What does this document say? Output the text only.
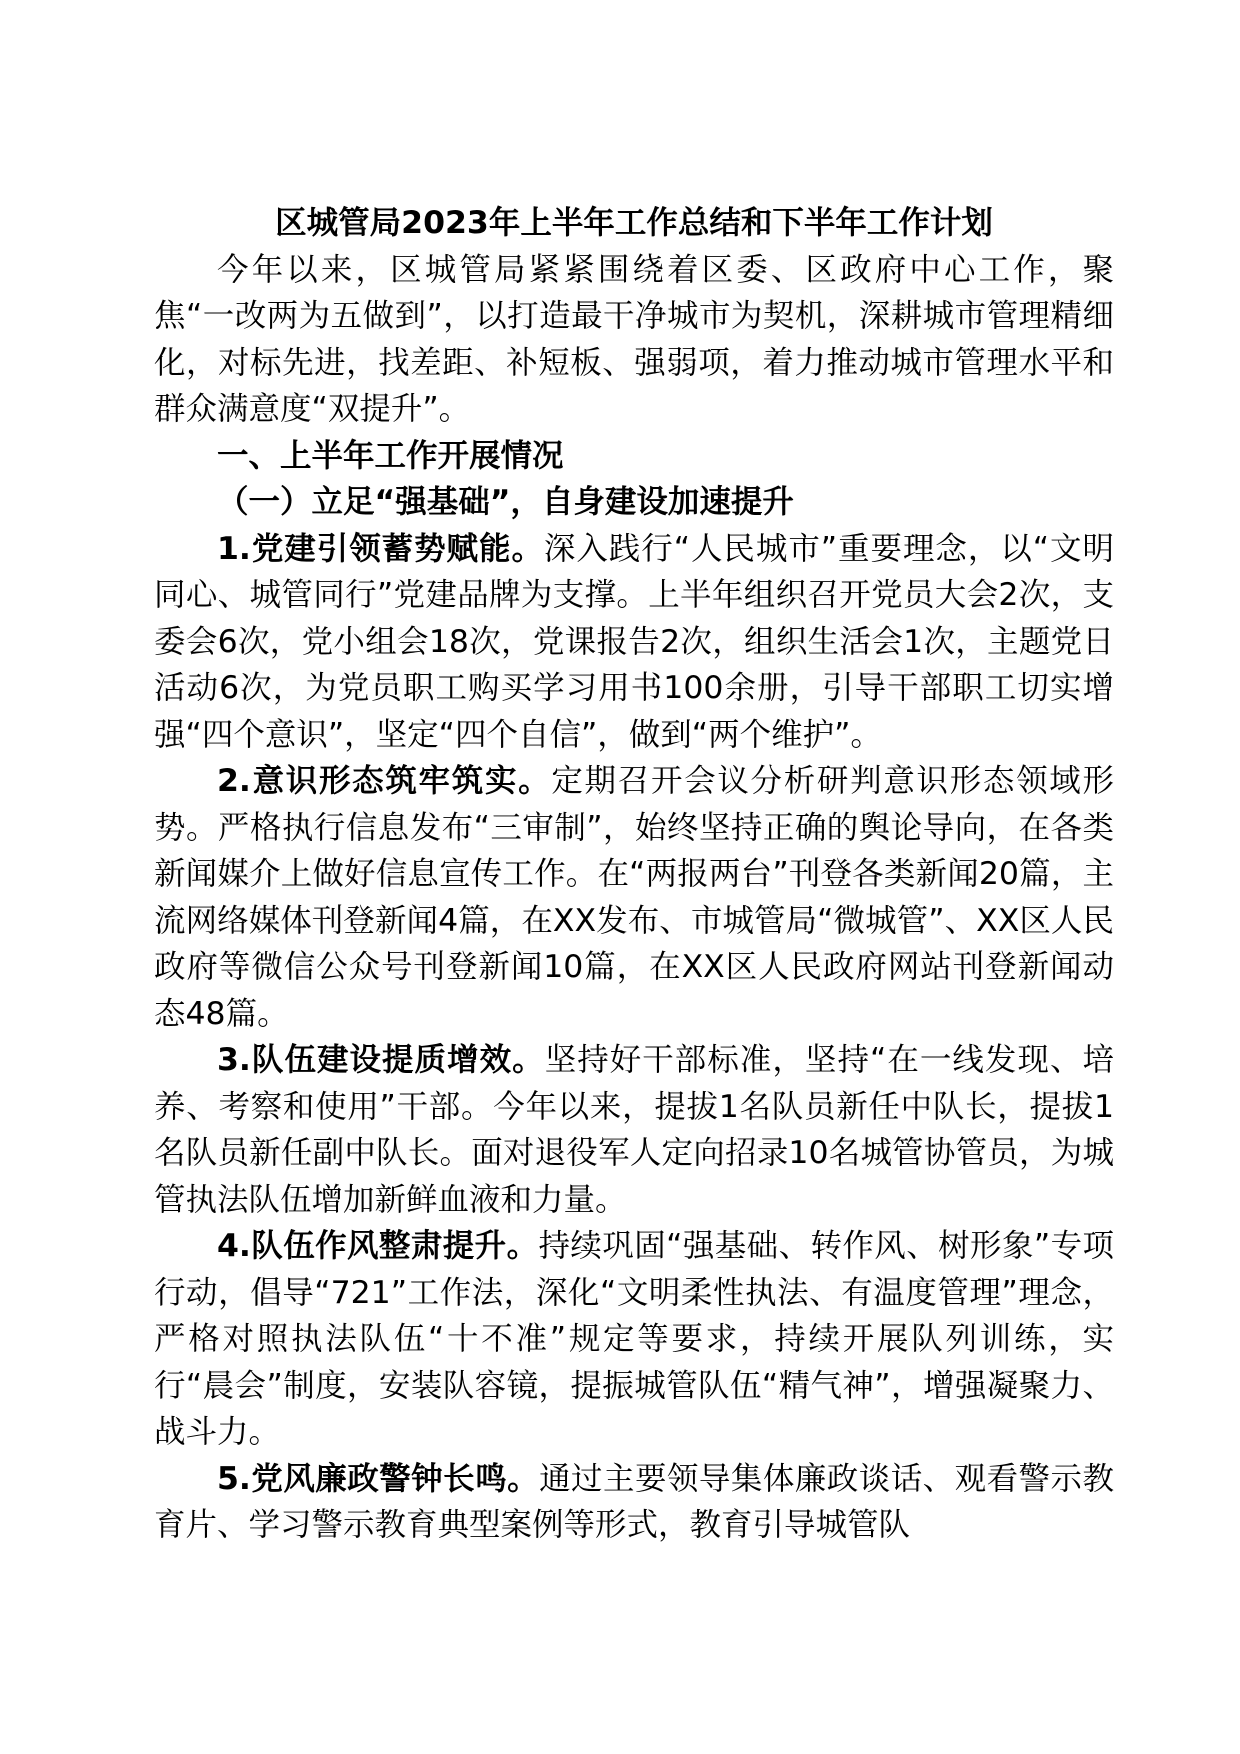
区城管局2023年上半年工作总结和下半年工作计划

今年以来，区城管局紧紧围绕着区委、区政府中心工作，聚焦“一改两为五做到”，以打造最干净城市为契机，深耕城市管理精细化，对标先进，找差距、补短板、强弱项，着力推动城市管理水平和群众满意度“双提升”。

一、上半年工作开展情况

（一）立足“强基础”，自身建设加速提升

1.党建引领蓄势赋能。深入践行“人民城市”重要理念，以“文明同心、城管同行”党建品牌为支撑。上半年组织召开党员大会2次，支委会6次，党小组会18次，党课报告2次，组织生活会1次，主题党日活动6次，为党员职工购买学习用书100余册，引导干部职工切实增强“四个意识”，坚定“四个自信”，做到“两个维护”。

2.意识形态筑牢筑实。定期召开会议分析研判意识形态领域形势。严格执行信息发布“三审制”，始终坚持正确的舆论导向，在各类新闻媒介上做好信息宣传工作。在“两报两台”刊登各类新闻20篇，主流网络媒体刊登新闻4篇，在XX发布、市城管局“微城管”、XX区人民政府等微信公众号刊登新闻10篇，在XX区人民政府网站刊登新闻动态48篇。

3.队伍建设提质增效。坚持好干部标准，坚持“在一线发现、培养、考察和使用”干部。今年以来，提拔1名队员新任中队长，提拔1名队员新任副中队长。面对退役军人定向招录10名城管协管员，为城管执法队伍增加新鲜血液和力量。

4.队伍作风整肃提升。持续巩固“强基础、转作风、树形象”专项行动，倡导“721”工作法，深化“文明柔性执法、有温度管理”理念，严格对照执法队伍“十不准”规定等要求，持续开展队列训练，实行“晨会”制度，安装队容镜，提振城管队伍“精气神”，增强凝聚力、战斗力。

5.党风廉政警钟长鸣。通过主要领导集体廉政谈话、观看警示教育片、学习警示教育典型案例等形式，教育引导城管队
